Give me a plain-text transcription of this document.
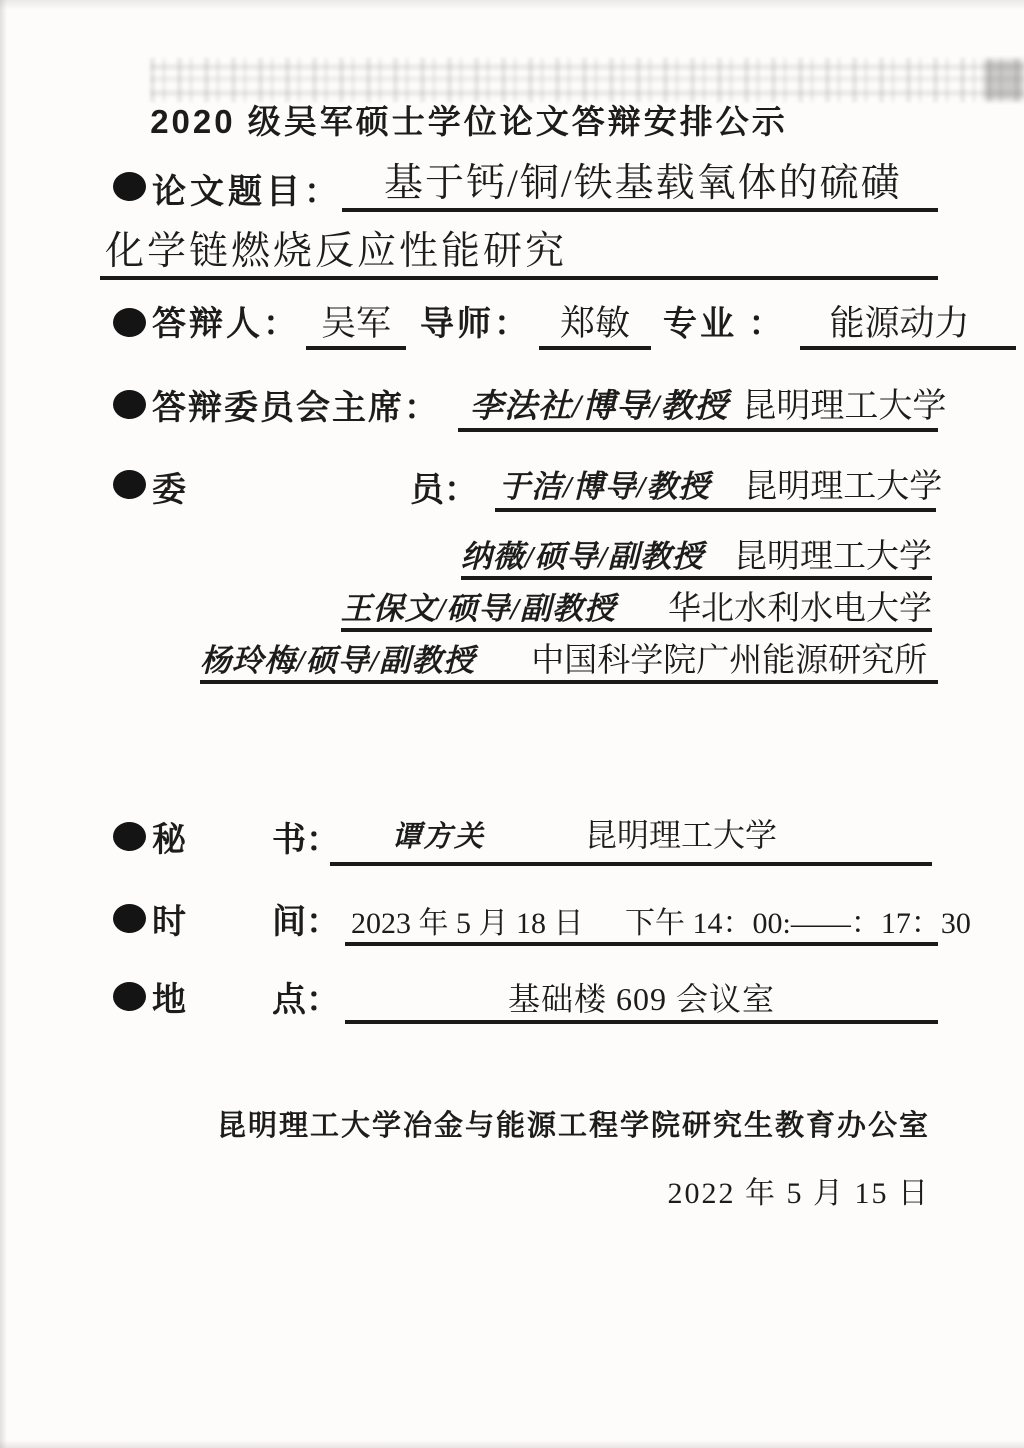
2020 级吴军硕士学位论文答辩安排公示
论文题目：	基于钙/铜/铁基载氧体的硫磺
化学链燃烧反应性能研究
答辩人： 吴军 导师： 郑敏 专业 ： 能源动力
答辩委员会主席： 李法社/博导/教授 昆明理工大学
委	员： 于洁/博导/教授 昆明理工大学
纳薇/硕导/副教授 昆明理工大学
王保文/硕导/副教授 华北水利水电大学
杨玲梅/硕导/副教授 中国科学院广州能源研究所
秘	书：	谭方关	昆明理工大学
时	间： 2023 年 5 月 18 日 下午 14：00:——：17：30
地	点：	基础楼 609 会议室
昆明理工大学冶金与能源工程学院研究生教育办公室
2022 年 5 月 15 日
